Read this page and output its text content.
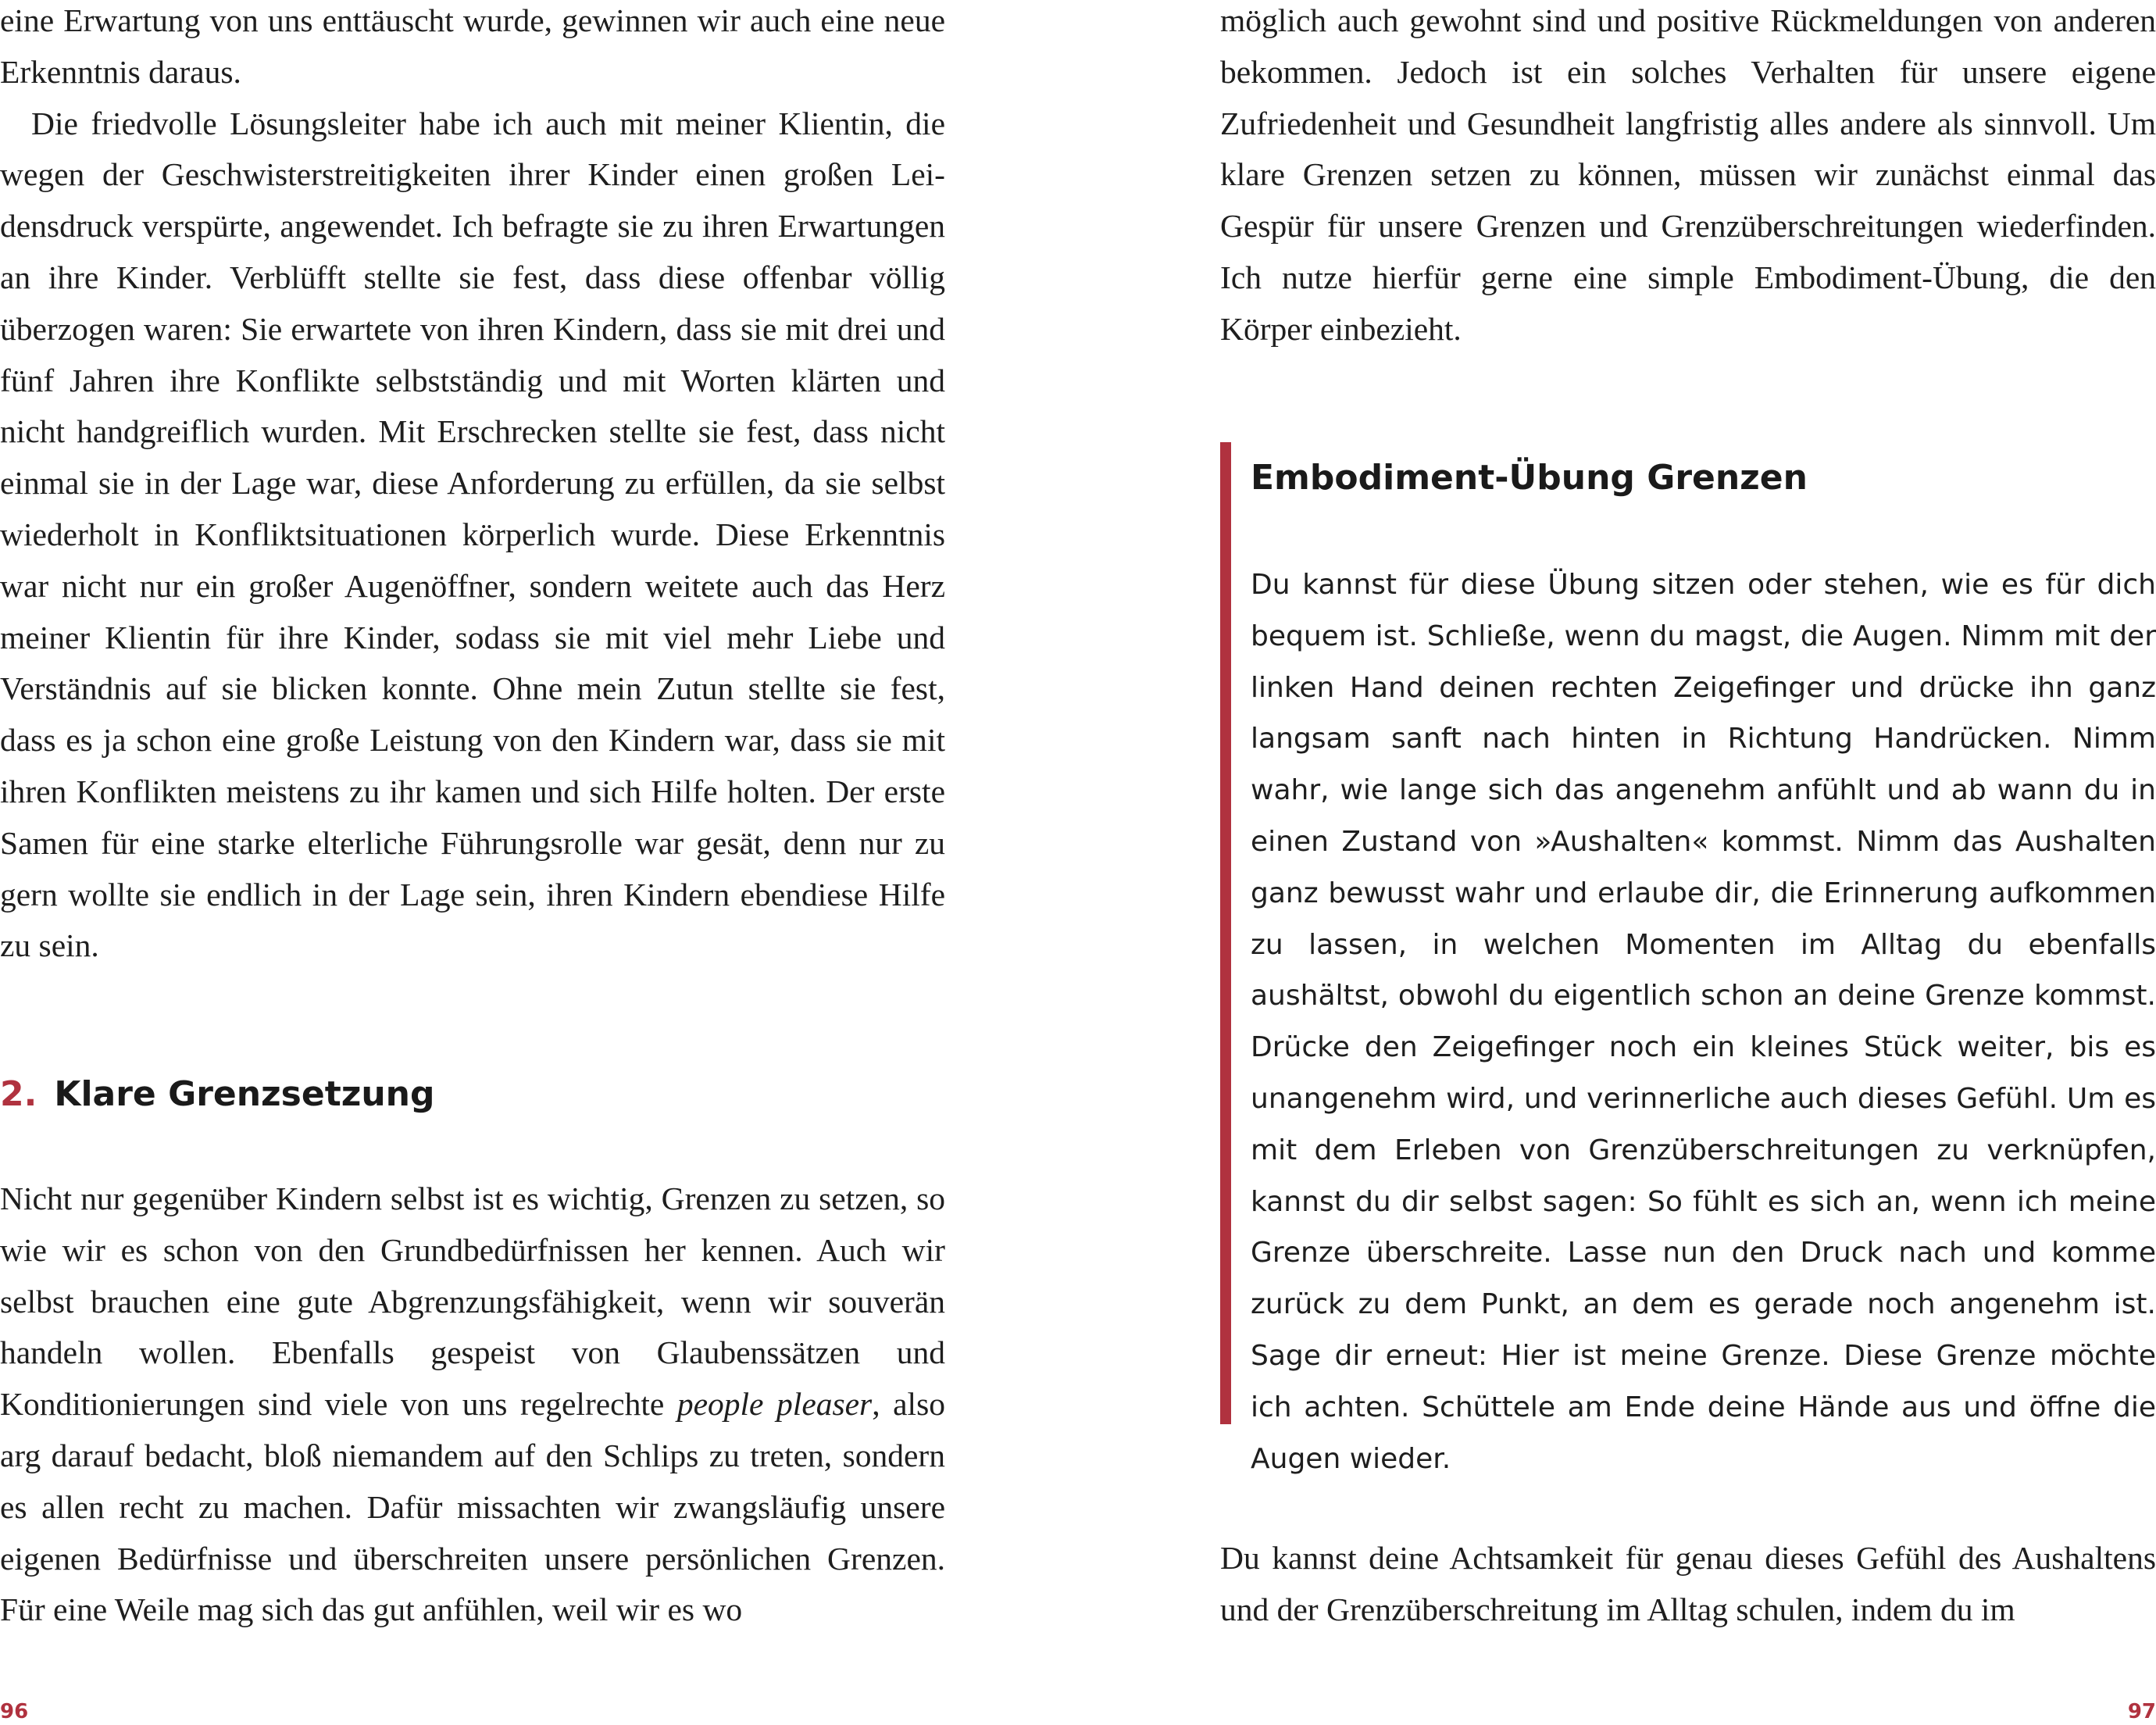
eine Erwartung von uns enttäuscht wurde, gewinnen wir auch eine neue Erkenntnis daraus.

Die friedvolle Lösungsleiter habe ich auch mit meiner Klientin, die wegen der Geschwisterstreitigkeiten ihrer Kinder einen großen Leidensdruck verspürte, angewendet. Ich befragte sie zu ihren Erwartungen an ihre Kinder. Verblüfft stellte sie fest, dass diese offenbar völlig überzogen waren: Sie erwartete von ihren Kindern, dass sie mit drei und fünf Jahren ihre Konflikte selbstständig und mit Worten klärten und nicht handgreiflich wurden. Mit Erschrecken stellte sie fest, dass nicht einmal sie in der Lage war, diese Anforderung zu erfüllen, da sie selbst wiederholt in Konfliktsituationen körperlich wurde. Diese Erkenntnis war nicht nur ein großer Augenöffner, sondern weitete auch das Herz meiner Klientin für ihre Kinder, sodass sie mit viel mehr Liebe und Verständnis auf sie blicken konnte. Ohne mein Zutun stellte sie fest, dass es ja schon eine große Leistung von den Kindern war, dass sie mit ihren Konflikten meistens zu ihr kamen und sich Hilfe holten. Der erste Samen für eine starke elterliche Führungsrolle war gesät, denn nur zu gern wollte sie endlich in der Lage sein, ihren Kindern ebendiese Hilfe zu sein.

2. Klare Grenzsetzung

Nicht nur gegenüber Kindern selbst ist es wichtig, Grenzen zu setzen, so wie wir es schon von den Grundbedürfnissen her kennen. Auch wir selbst brauchen eine gute Abgrenzungsfähigkeit, wenn wir souverän handeln wollen. Ebenfalls gespeist von Glaubenssätzen und Konditionierungen sind viele von uns regelrechte people pleaser, also arg darauf bedacht, bloß niemandem auf den Schlips zu treten, sondern es allen recht zu machen. Dafür missachten wir zwangsläufig unsere eigenen Bedürfnisse und überschreiten unsere persönlichen Grenzen. Für eine Weile mag sich das gut anfühlen, weil wir es wo

96

möglich auch gewohnt sind und positive Rückmeldungen von anderen bekommen. Jedoch ist ein solches Verhalten für unsere eigene Zufriedenheit und Gesundheit langfristig alles andere als sinnvoll. Um klare Grenzen setzen zu können, müssen wir zunächst einmal das Gespür für unsere Grenzen und Grenzüberschreitungen wiederfinden. Ich nutze hierfür gerne eine simple Embodiment-Übung, die den Körper einbezieht.

Embodiment-Übung Grenzen

Du kannst für diese Übung sitzen oder stehen, wie es für dich bequem ist. Schließe, wenn du magst, die Augen. Nimm mit der linken Hand deinen rechten Zeigefinger und drücke ihn ganz langsam sanft nach hinten in Richtung Handrücken. Nimm wahr, wie lange sich das angenehm anfühlt und ab wann du in einen Zustand von »Aushalten« kommst. Nimm das Aushalten ganz bewusst wahr und erlaube dir, die Erinnerung aufkommen zu lassen, in welchen Momenten im Alltag du ebenfalls aushältst, obwohl du eigentlich schon an deine Grenze kommst. Drücke den Zeigefinger noch ein kleines Stück weiter, bis es unangenehm wird, und verinnerliche auch dieses Gefühl. Um es mit dem Erleben von Grenzüberschreitungen zu verknüpfen, kannst du dir selbst sagen: So fühlt es sich an, wenn ich meine Grenze überschreite. Lasse nun den Druck nach und komme zurück zu dem Punkt, an dem es gerade noch angenehm ist. Sage dir erneut: Hier ist meine Grenze. Diese Grenze möchte ich achten. Schüttele am Ende deine Hände aus und öffne die Augen wieder.

Du kannst deine Achtsamkeit für genau dieses Gefühl des Aushaltens und der Grenzüberschreitung im Alltag schulen, indem du im

97
